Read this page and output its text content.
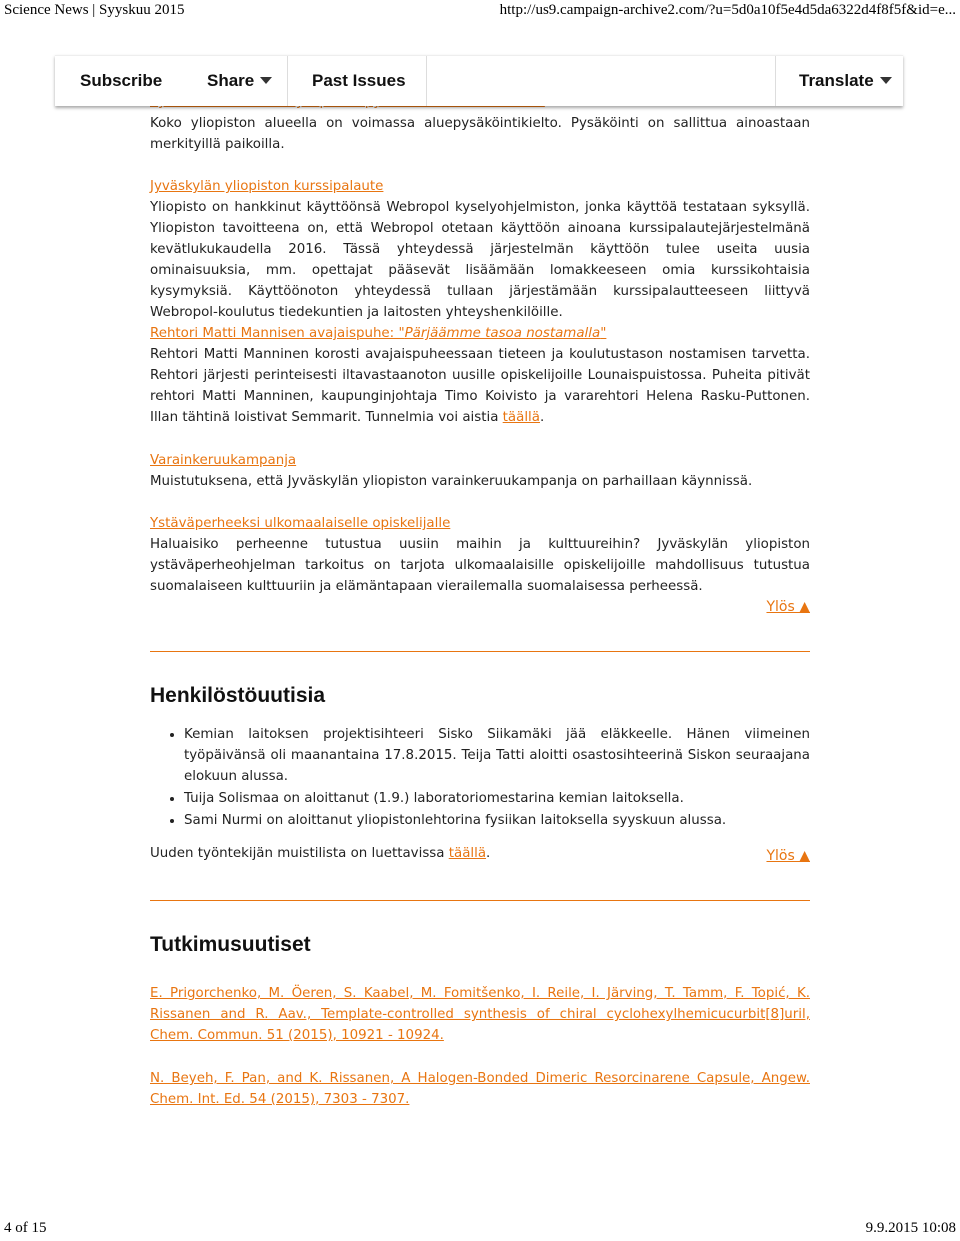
Science News | Syyskuu 2015	http://us9.campaign-archive2.com/?u=5d0a10f5e4d5da6322d4f8f5f&id=e...
Subscribe	Share	Past Issues	Translate

Koko yliopiston alueella on voimassa aluepysäköintikielto. Pysäköinti on sallittua ainoastaan merkityillä paikoilla.

Jyväskylän yliopiston kurssipalaute

Yliopisto on hankkinut käyttöönsä Webropol kyselyohjelmiston, jonka käyttöä testataan syksyllä. Yliopiston tavoitteena on, että Webropol otetaan käyttöön ainoana kurssipalautejärjestelmänä kevätlukukaudella 2016. Tässä yhteydessä järjestelmän käyttöön tulee useita uusia ominaisuuksia, mm. opettajat pääsevät lisäämään lomakkeeseen omia kurssikohtaisia kysymyksiä. Käyttöönoton yhteydessä tullaan järjestämään kurssipalautteeseen liittyvä Webropol-koulutus tiedekuntien ja laitosten yhteyshenkilöille.

Rehtori Matti Mannisen avajaispuhe: "Pärjäämme tasoa nostamalla"

Rehtori Matti Manninen korosti avajaispuheessaan tieteen ja koulutustason nostamisen tarvetta. Rehtori järjesti perinteisesti iltavastaanoton uusille opiskelijoille Lounaispuistossa. Puheita pitivät rehtori Matti Manninen, kaupunginjohtaja Timo Koivisto ja vararehtori Helena Rasku-Puttonen. Illan tähtinä loistivat Semmarit. Tunnelmia voi aistia täällä.

Varainkeruukampanja

Muistutuksena, että Jyväskylän yliopiston varainkeruukampanja on parhaillaan käynnissä.

Ystäväperheeksi ulkomaalaiselle opiskelijalle

Haluaisiko perheenne tutustua uusiin maihin ja kulttuureihin? Jyväskylän yliopiston ystäväperheohjelman tarkoitus on tarjota ulkomaalaisille opiskelijoille mahdollisuus tutustua suomalaiseen kulttuuriin ja elämäntapaan vierailemalla suomalaisessa perheessä.

Ylös ▲
Henkilöstöuutisia
• Kemian laitoksen projektisihteeri Sisko Siikamäki jää eläkkeelle. Hänen viimeinen työpäivänsä oli maanantaina 17.8.2015. Teija Tatti aloitti osastosihteerinä Siskon seuraajana elokuun alussa.
• Tuija Solismaa on aloittanut (1.9.) laboratoriomestarina kemian laitoksella.
• Sami Nurmi on aloittanut yliopistonlehtorina fysiikan laitoksella syyskuun alussa.

Uuden työntekijän muistilista on luettavissa täällä.	Ylös ▲
Tutkimusuutiset

E. Prigorchenko, M. Öeren, S. Kaabel, M. Fomitšenko, I. Reile, I. Järving, T. Tamm, F. Topić, K. Rissanen and R. Aav., Template-controlled synthesis of chiral cyclohexylhemicucurbit[8]uril, Chem. Commun. 51 (2015), 10921 - 10924.

N. Beyeh, F. Pan, and K. Rissanen, A Halogen-Bonded Dimeric Resorcinarene Capsule, Angew. Chem. Int. Ed. 54 (2015), 7303 - 7307.

4 of 15	9.9.2015 10:08
